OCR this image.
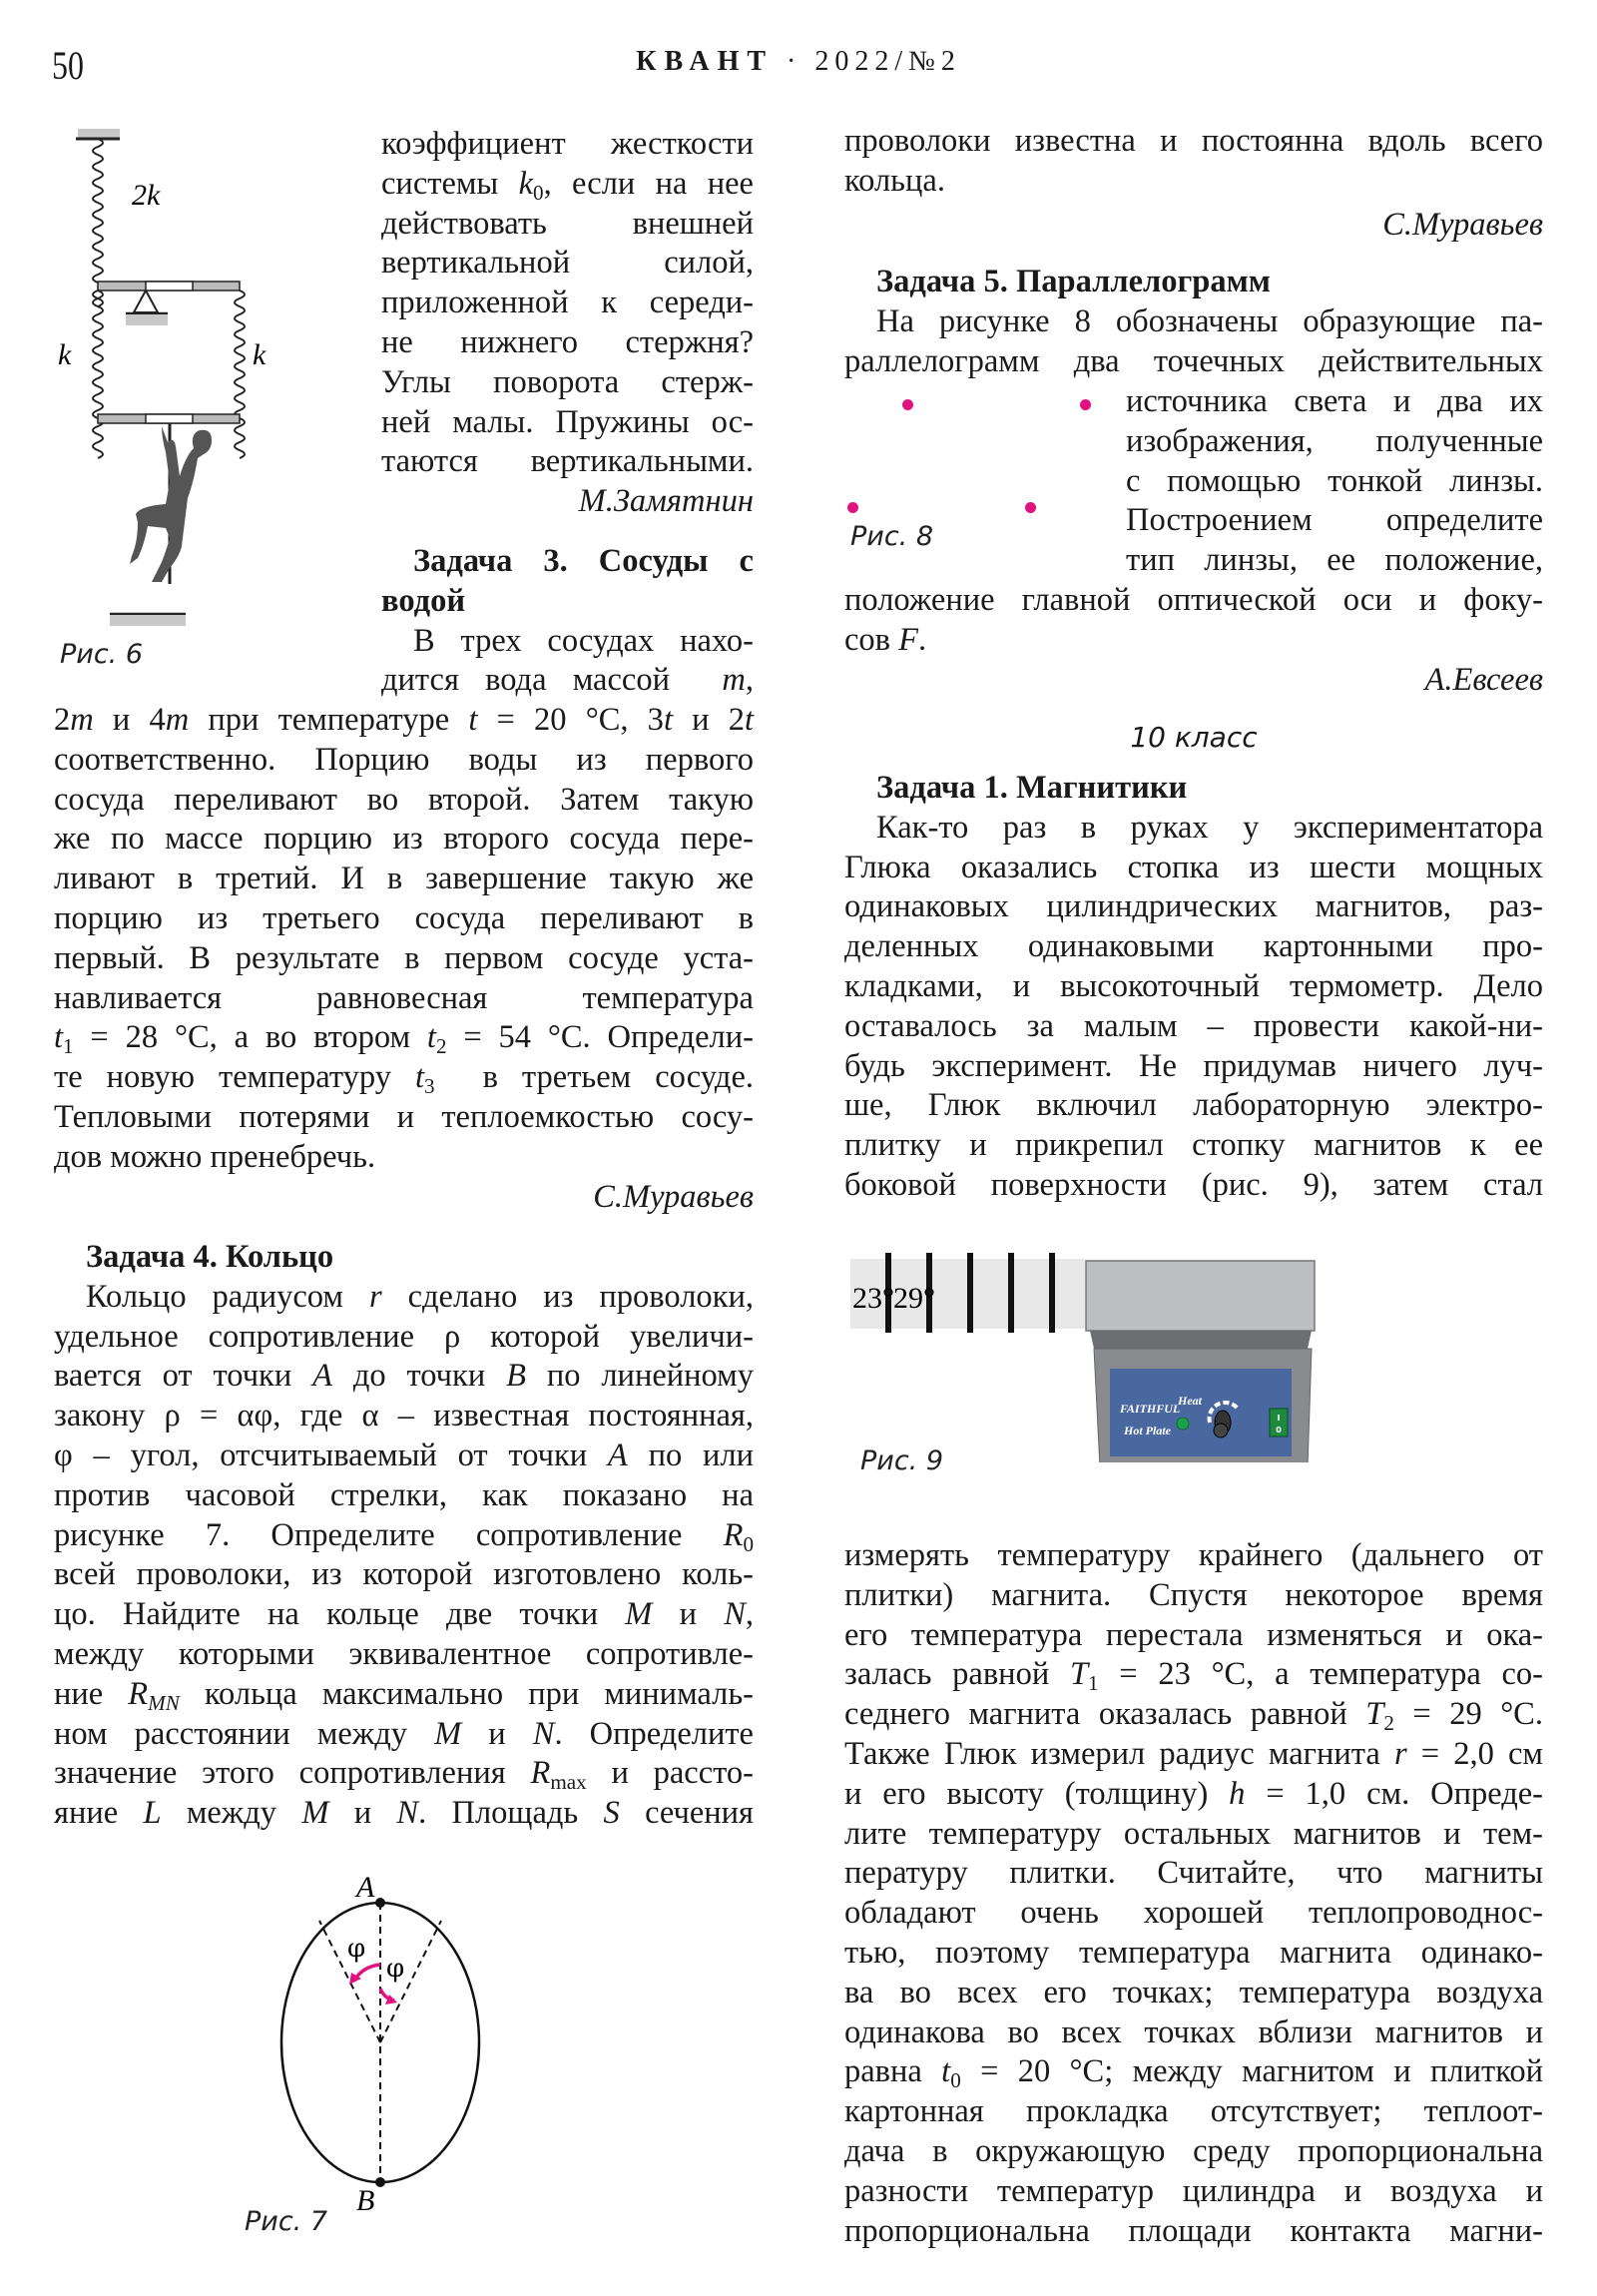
50	КВАНТ · 2022/№2
2k
k	k
Рис. 6
коэффициент жесткости
системы $k_0$, если на нее
действовать внешней
вертикальной силой,
приложенной к середи-
не нижнего стержня?
Углы поворота стерж-
ней малы. Пружины ос-
таются вертикальными.
М.Замятнин
Задача 3. Сосуды с
водой
В трех сосудах нахо-
дится вода массой  m,
2m и 4m при температуре t = 20 °C, 3t и 2t
соответственно. Порцию воды из первого
сосуда переливают во второй. Затем такую
же по массе порцию из второго сосуда пере-
ливают в третий. И в завершение такую же
порцию из третьего сосуда переливают в
первый. В результате в первом сосуде уста-
навливается равновесная температура
$t_1 = 28$ °C, а во втором $t_2 = 54$ °C. Определи-
те новую температуру $t_3$  в третьем сосуде.
Тепловыми потерями и теплоемкостью сосу-
дов можно пренебречь.
С.Муравьев
Задача 4. Кольцо
Кольцо радиусом r сделано из проволоки,
удельное сопротивление ρ которой увеличи-
вается от точки A до точки B по линейному
закону ρ = αφ, где α – известная постоянная,
φ – угол, отсчитываемый от точки A по или
против часовой стрелки, как показано на
рисунке 7. Определите сопротивление $R_0$
всей проволоки, из которой изготовлено коль-
цо. Найдите на кольце две точки M и N,
между которыми эквивалентное сопротивле-
ние $R_{MN}$ кольца максимально при минималь-
ном расстоянии между M и N. Определите
значение этого сопротивления $R_{max}$ и рассто-
яние L между M и N. Площадь S сечения
A
B
φ
φ
Рис. 7
проволоки известна и постоянна вдоль всего
кольца.
С.Муравьев
Задача 5. Параллелограмм
На рисунке 8 обозначены образующие па-
раллелограмм два точечных действительных
источника света и два их
изображения, полученные
с помощью тонкой линзы.
Построением определите
тип линзы, ее положение,
Рис. 8
положение главной оптической оси и фоку-
сов F.
А.Евсеев
10 класс
Задача 1. Магнитики
Как-то раз в руках у экспериментатора
Глюка оказались стопка из шести мощных
одинаковых цилиндрических магнитов, раз-
деленных одинаковыми картонными про-
кладками, и высокоточный термометр. Дело
оставалось за малым – провести какой-ни-
будь эксперимент. Не придумав ничего луч-
ше, Глюк включил лабораторную электро-
плитку и прикрепил стопку магнитов к ее
боковой поверхности (рис. 9), затем стал
23° 29°
FAITHFUL
Heat
Hot Plate
I
0
Рис. 9
измерять температуру крайнего (дальнего от
плитки) магнита. Спустя некоторое время
его температура перестала изменяться и ока-
залась равной $T_1 = 23$ °C, а температура со-
седнего магнита оказалась равной $T_2 = 29$ °C.
Также Глюк измерил радиус магнита r = 2,0 см
и его высоту (толщину) h = 1,0 см. Опреде-
лите температуру остальных магнитов и тем-
пературу плитки. Считайте, что магниты
обладают очень хорошей теплопроводнос-
тью, поэтому температура магнита одинако-
ва во всех его точках; температура воздуха
одинакова во всех точках вблизи магнитов и
равна $t_0 = 20$ °C; между магнитом и плиткой
картонная прокладка отсутствует; теплоот-
дача в окружающую среду пропорциональна
разности температур цилиндра и воздуха и
пропорциональна площади контакта магни-
